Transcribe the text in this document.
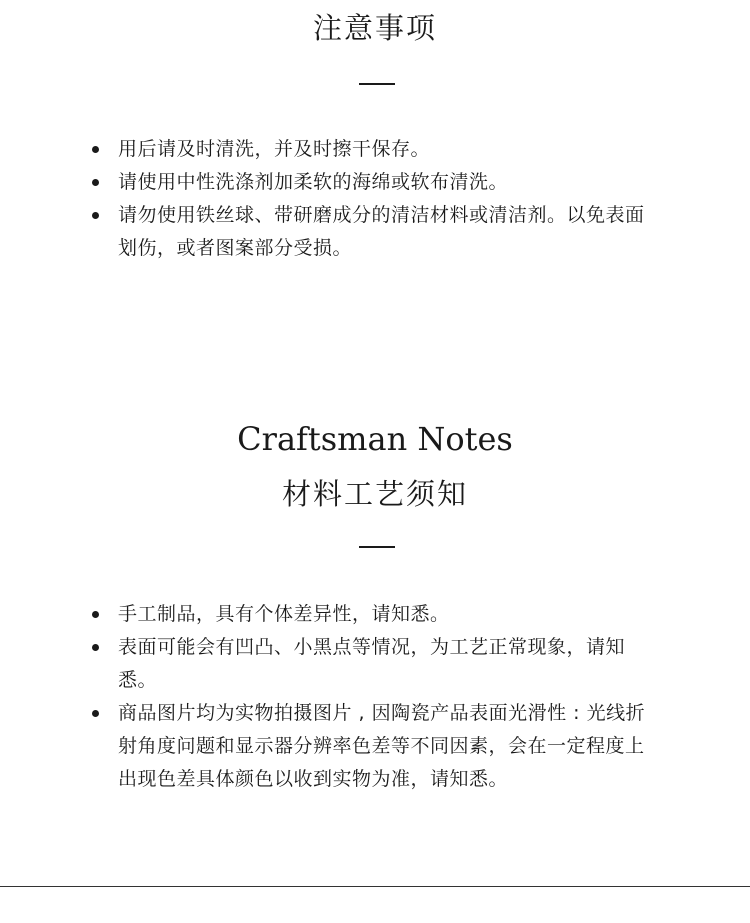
注意事项
用后请及时清洗，并及时擦干保存。
请使用中性洗涤剂加柔软的海绵或软布清洗。
请勿使用铁丝球、带研磨成分的清洁材料或清洁剂。以免表面划伤，或者图案部分受损。
Craftsman Notes
材料工艺须知
手工制品，具有个体差异性，请知悉。
表面可能会有凹凸、小黑点等情况，为工艺正常现象，请知悉。
商品图片均为实物拍摄图片 , 因陶瓷产品表面光滑性 : 光线折射角度问题和显示器分辨率色差等不同因素，会在一定程度上出现色差具体颜色以收到实物为准，请知悉。
